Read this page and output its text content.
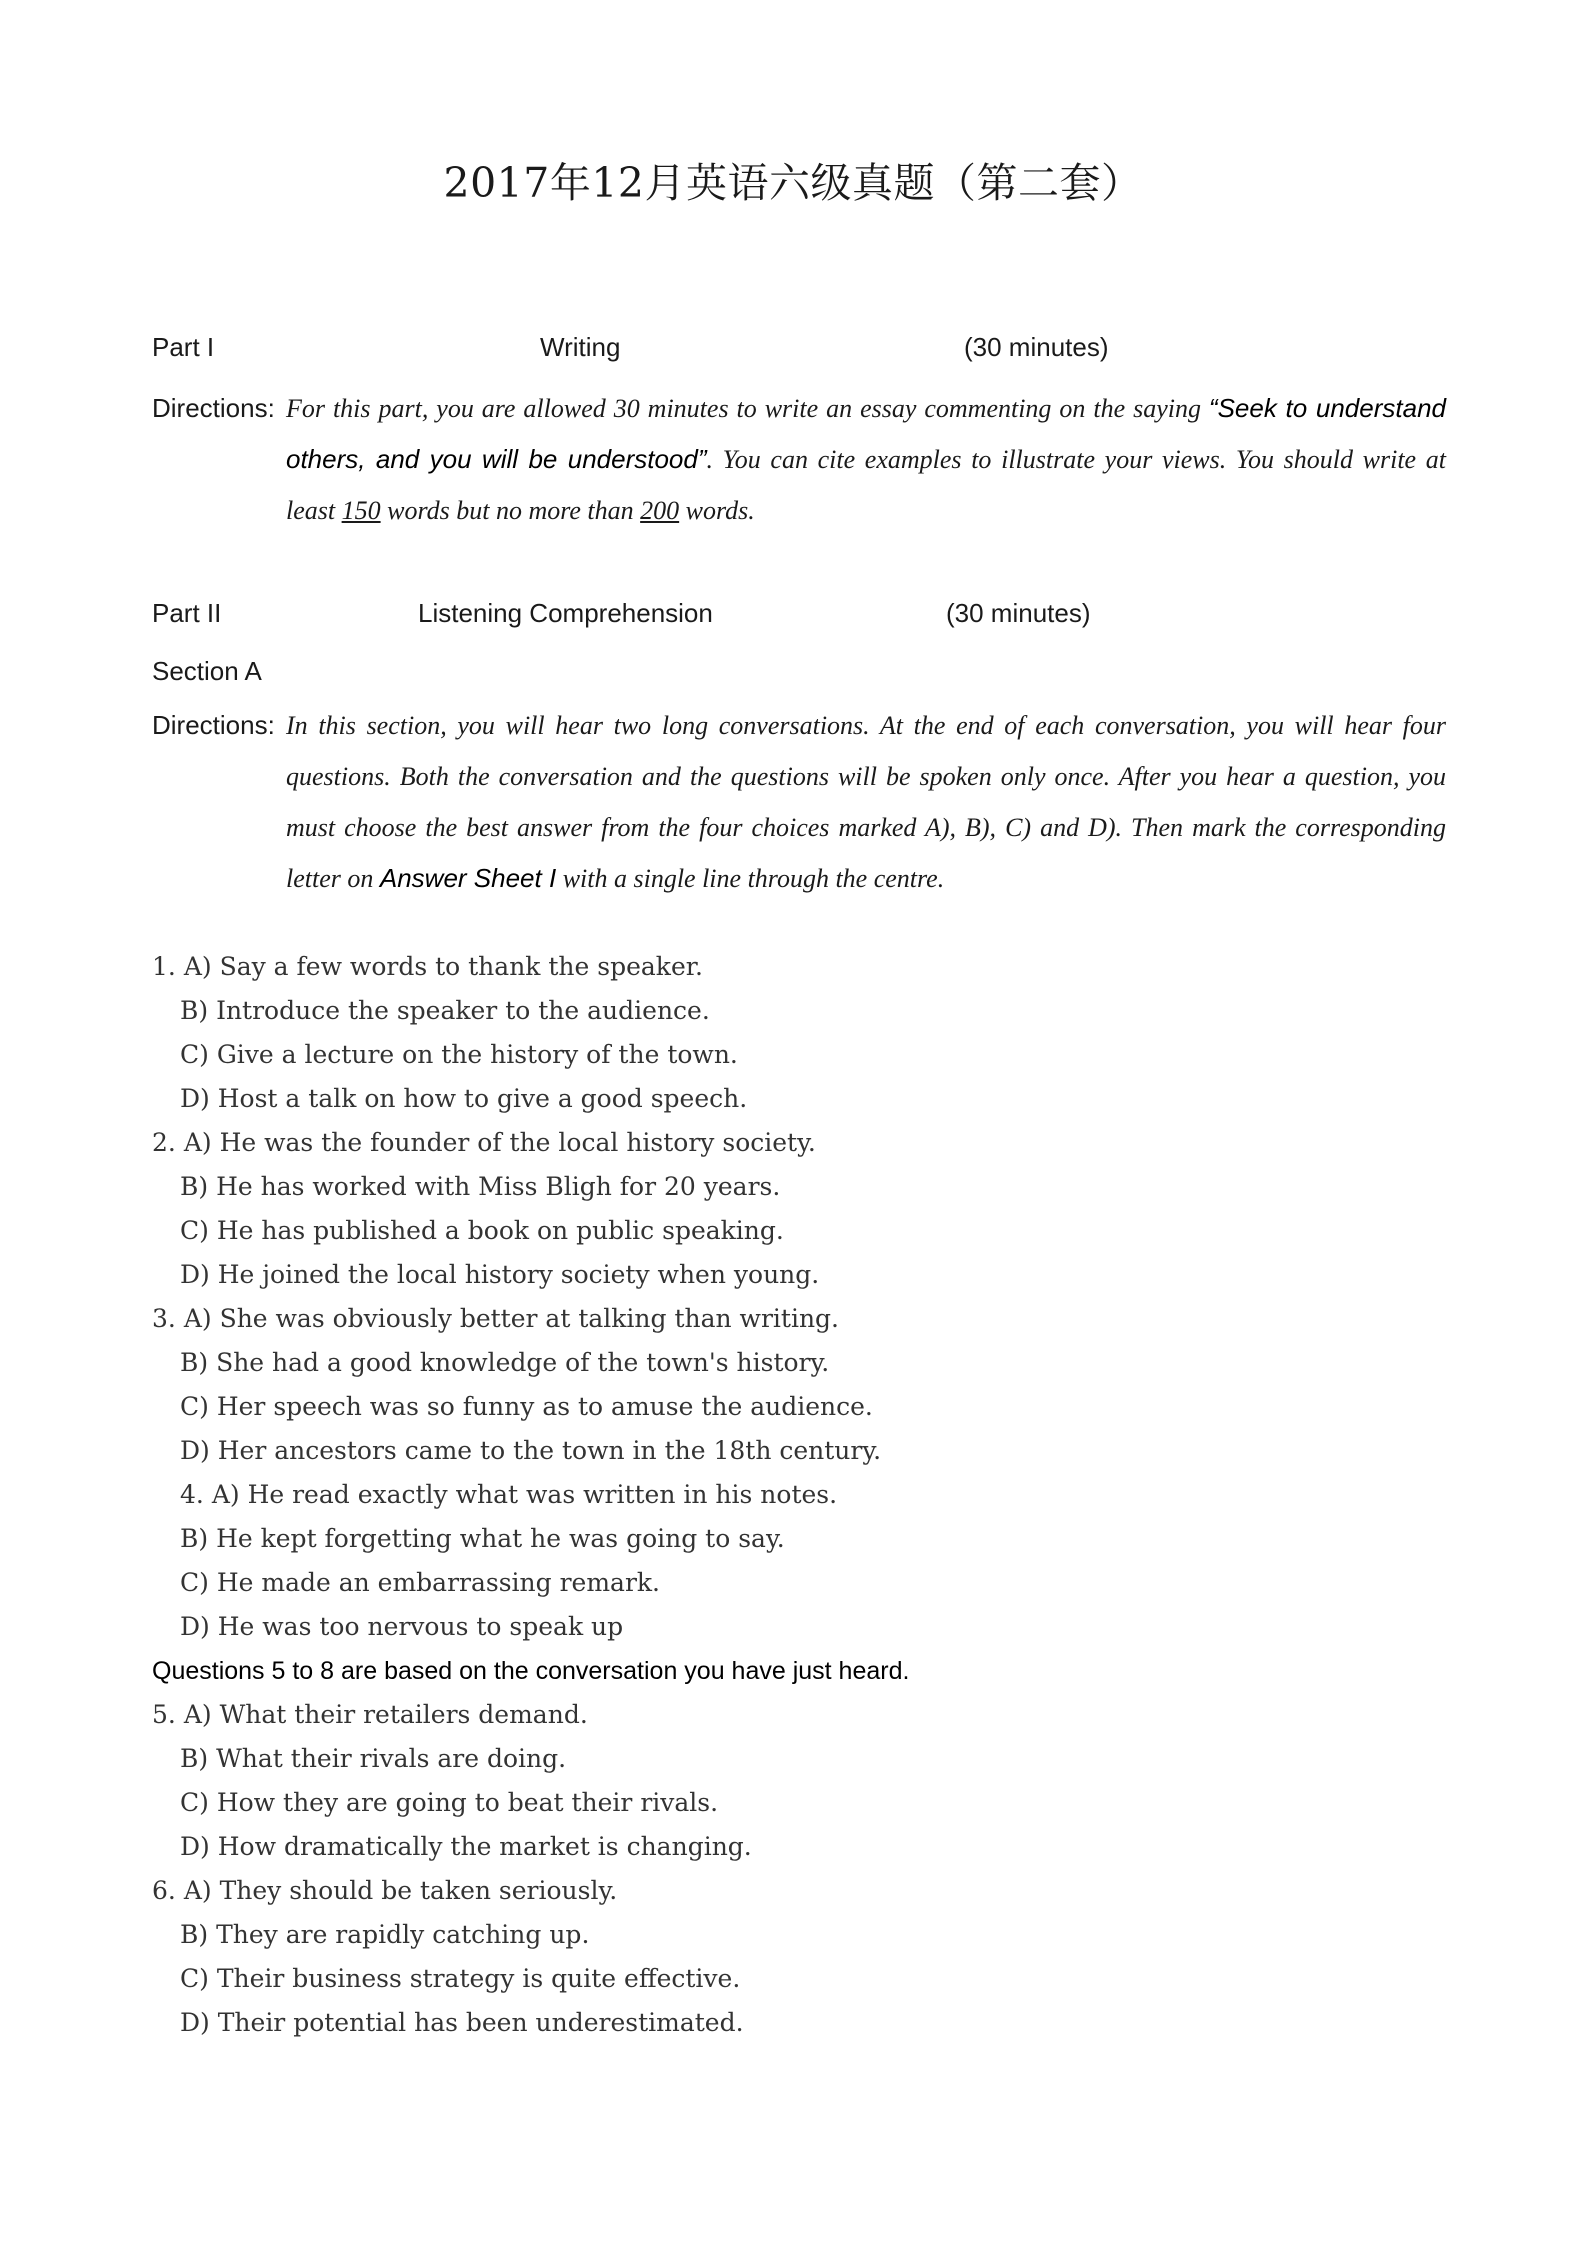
2017年12月英语六级真题（第二套）
Part I	Writing	(30 minutes)
Directions: For this part, you are allowed 30 minutes to write an essay commenting on the saying “Seek to understand others, and you will be understood”. You can cite examples to illustrate your views. You should write at least 150 words but no more than 200 words.
Part II	Listening Comprehension	(30 minutes)
Section A
Directions: In this section, you will hear two long conversations. At the end of each conversation, you will hear four questions. Both the conversation and the questions will be spoken only once. After you hear a question, you must choose the best answer from the four choices marked A), B), C) and D). Then mark the corresponding letter on Answer Sheet I with a single line through the centre.
1. A) Say a few words to thank the speaker.
B) Introduce the speaker to the audience.
C) Give a lecture on the history of the town.
D) Host a talk on how to give a good speech.
2. A) He was the founder of the local history society.
B) He has worked with Miss Bligh for 20 years.
C) He has published a book on public speaking.
D) He joined the local history society when young.
3. A) She was obviously better at talking than writing.
B) She had a good knowledge of the town's history.
C) Her speech was so funny as to amuse the audience.
D) Her ancestors came to the town in the 18th century.
4. A) He read exactly what was written in his notes.
B) He kept forgetting what he was going to say.
C) He made an embarrassing remark.
D) He was too nervous to speak up
Questions 5 to 8 are based on the conversation you have just heard.
5. A) What their retailers demand.
B) What their rivals are doing.
C) How they are going to beat their rivals.
D) How dramatically the market is changing.
6. A) They should be taken seriously.
B) They are rapidly catching up.
C) Their business strategy is quite effective.
D) Their potential has been underestimated.
